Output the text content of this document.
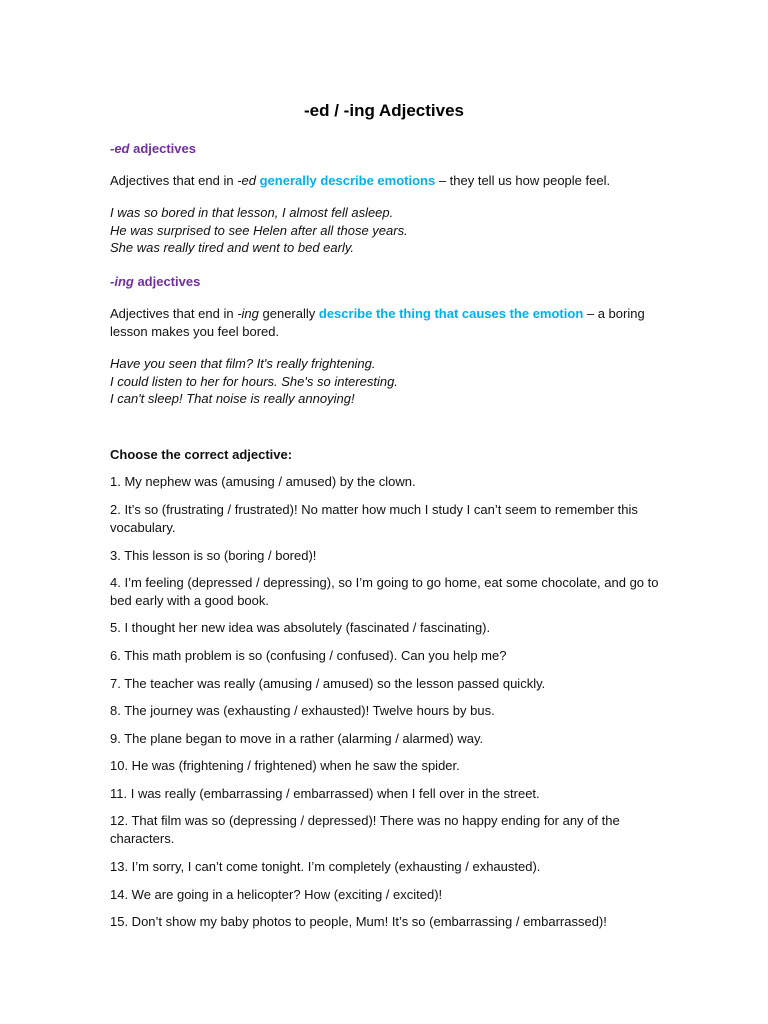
-ed / -ing Adjectives
-ed adjectives
Adjectives that end in -ed generally describe emotions – they tell us how people feel.
I was so bored in that lesson, I almost fell asleep.
He was surprised to see Helen after all those years.
She was really tired and went to bed early.
-ing adjectives
Adjectives that end in -ing generally describe the thing that causes the emotion – a boring lesson makes you feel bored.
Have you seen that film? It's really frightening.
I could listen to her for hours. She's so interesting.
I can't sleep! That noise is really annoying!
Choose the correct adjective:
1. My nephew was (amusing / amused) by the clown.
2. It’s so (frustrating / frustrated)! No matter how much I study I can’t seem to remember this vocabulary.
3. This lesson is so (boring / bored)!
4. I’m feeling (depressed / depressing), so I’m going to go home, eat some chocolate, and go to bed early with a good book.
5. I thought her new idea was absolutely (fascinated / fascinating).
6. This math problem is so (confusing / confused). Can you help me?
7. The teacher was really (amusing / amused) so the lesson passed quickly.
8. The journey was (exhausting / exhausted)! Twelve hours by bus.
9. The plane began to move in a rather (alarming / alarmed) way.
10. He was (frightening / frightened) when he saw the spider.
11. I was really (embarrassing / embarrassed) when I fell over in the street.
12. That film was so (depressing / depressed)! There was no happy ending for any of the characters.
13. I’m sorry, I can’t come tonight. I’m completely (exhausting / exhausted).
14. We are going in a helicopter? How (exciting / excited)!
15. Don’t show my baby photos to people, Mum! It’s so (embarrassing / embarrassed)!
